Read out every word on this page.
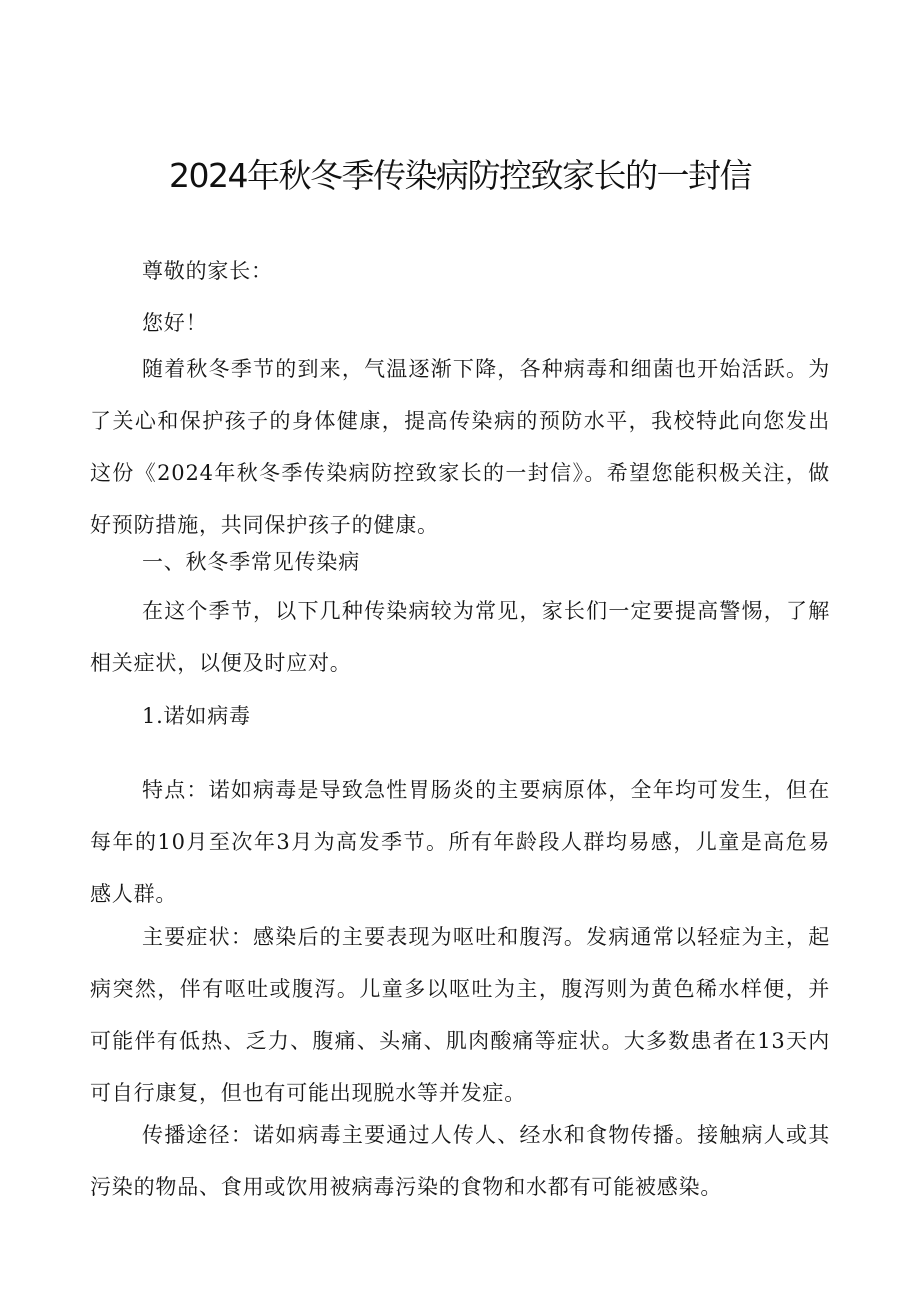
2024年秋冬季传染病防控致家长的一封信
尊敬的家长：
您好！
随着秋冬季节的到来，气温逐渐下降，各种病毒和细菌也开始活跃。为了关心和保护孩子的身体健康，提高传染病的预防水平，我校特此向您发出这份《2024年秋冬季传染病防控致家长的一封信》。希望您能积极关注，做好预防措施，共同保护孩子的健康。
一、秋冬季常见传染病
在这个季节，以下几种传染病较为常见，家长们一定要提高警惕，了解相关症状，以便及时应对。
1.诺如病毒
特点：诺如病毒是导致急性胃肠炎的主要病原体，全年均可发生，但在每年的10月至次年3月为高发季节。所有年龄段人群均易感，儿童是高危易感人群。
主要症状：感染后的主要表现为呕吐和腹泻。发病通常以轻症为主，起病突然，伴有呕吐或腹泻。儿童多以呕吐为主，腹泻则为黄色稀水样便，并可能伴有低热、乏力、腹痛、头痛、肌肉酸痛等症状。大多数患者在13天内可自行康复，但也有可能出现脱水等并发症。
传播途径：诺如病毒主要通过人传人、经水和食物传播。接触病人或其污染的物品、食用或饮用被病毒污染的食物和水都有可能被感染。
